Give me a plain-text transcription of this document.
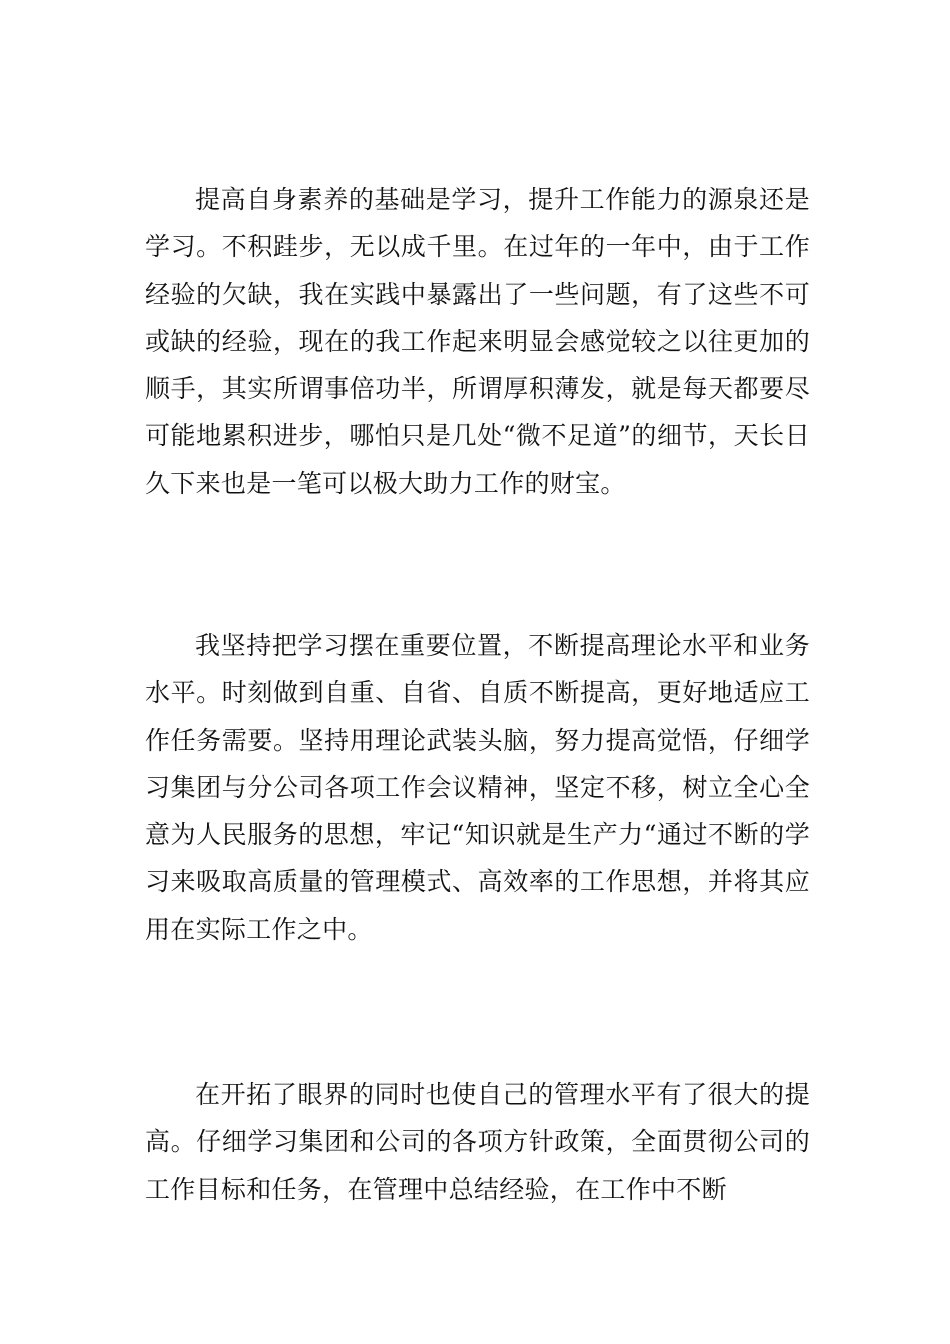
提高自身素养的基础是学习，提升工作能力的源泉还是学习。不积跬步，无以成千里。在过年的一年中，由于工作经验的欠缺，我在实践中暴露出了一些问题，有了这些不可或缺的经验，现在的我工作起来明显会感觉较之以往更加的顺手，其实所谓事倍功半，所谓厚积薄发，就是每天都要尽可能地累积进步，哪怕只是几处“微不足道”的细节，天长日久下来也是一笔可以极大助力工作的财宝。

我坚持把学习摆在重要位置，不断提高理论水平和业务水平。时刻做到自重、自省、自质不断提高，更好地适应工作任务需要。坚持用理论武装头脑，努力提高觉悟，仔细学习集团与分公司各项工作会议精神，坚定不移，树立全心全意为人民服务的思想，牢记“知识就是生产力“通过不断的学习来吸取高质量的管理模式、高效率的工作思想，并将其应用在实际工作之中。

在开拓了眼界的同时也使自己的管理水平有了很大的提高。仔细学习集团和公司的各项方针政策，全面贯彻公司的工作目标和任务，在管理中总结经验，在工作中不断
